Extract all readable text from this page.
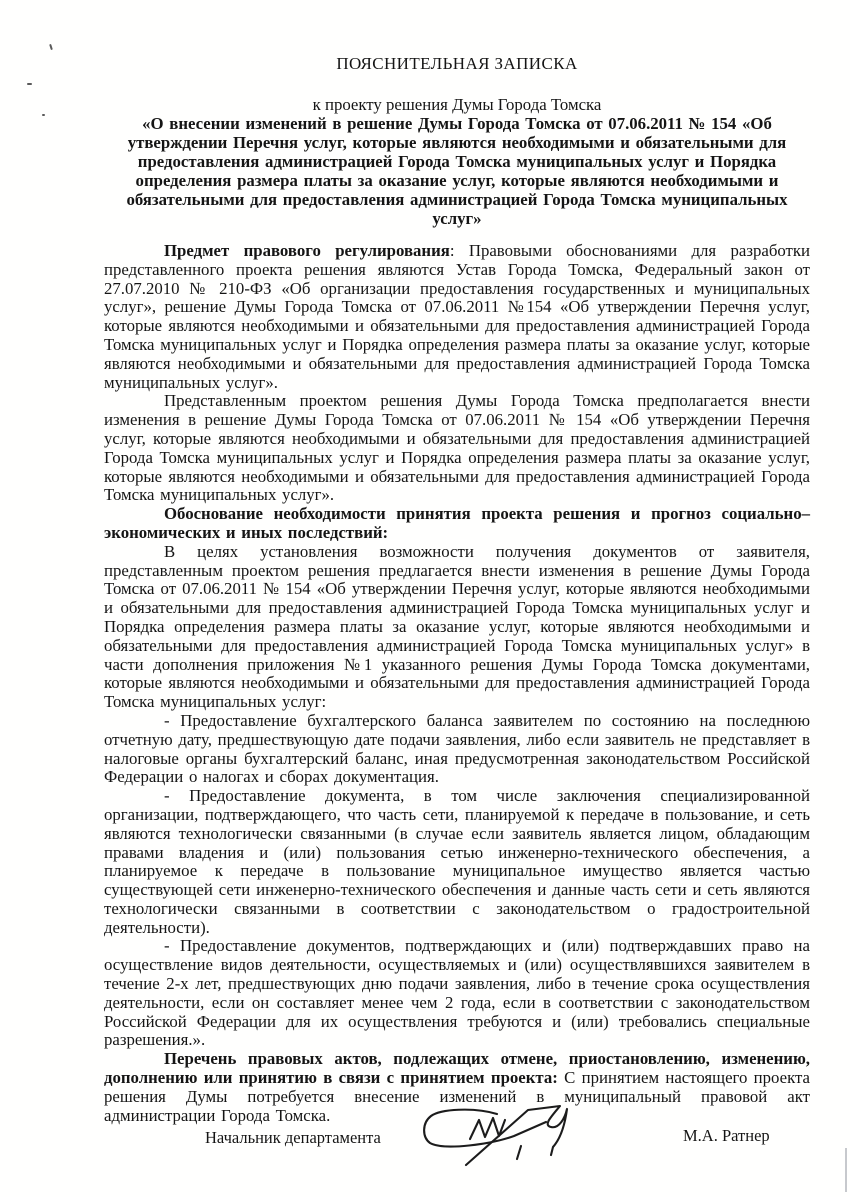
ПОЯСНИТЕЛЬНАЯ ЗАПИСКА

к проекту решения Думы Города Томска

«О внесении изменений в решение Думы Города Томска от 07.06.2011 № 154 «Об утверждении Перечня услуг, которые являются необходимыми и обязательными для предоставления администрацией Города Томска муниципальных услуг и Порядка определения размера платы за оказание услуг, которые являются необходимыми и обязательными для предоставления администрацией Города Томска муниципальных услуг»

Предмет правового регулирования: Правовыми обоснованиями для разработки представленного проекта решения являются Устав Города Томска, Федеральный закон от 27.07.2010 № 210-ФЗ «Об организации предоставления государственных и муниципальных услуг», решение Думы Города Томска от 07.06.2011 №154 «Об утверждении Перечня услуг, которые являются необходимыми и обязательными для предоставления администрацией Города Томска муниципальных услуг и Порядка определения размера платы за оказание услуг, которые являются необходимыми и обязательными для предоставления администрацией Города Томска муниципальных услуг».

Представленным проектом решения Думы Города Томска предполагается внести изменения в решение Думы Города Томска от 07.06.2011 № 154 «Об утверждении Перечня услуг, которые являются необходимыми и обязательными для предоставления администрацией Города Томска муниципальных услуг и Порядка определения размера платы за оказание услуг, которые являются необходимыми и обязательными для предоставления администрацией Города Томска муниципальных услуг».

Обоснование необходимости принятия проекта решения и прогноз социально–экономических и иных последствий:

В целях установления возможности получения документов от заявителя, представленным проектом решения предлагается внести изменения в решение Думы Города Томска от 07.06.2011 № 154 «Об утверждении Перечня услуг, которые являются необходимыми и обязательными для предоставления администрацией Города Томска муниципальных услуг и Порядка определения размера платы за оказание услуг, которые являются необходимыми и обязательными для предоставления администрацией Города Томска муниципальных услуг» в части дополнения приложения №1 указанного решения Думы Города Томска документами, которые являются необходимыми и обязательными для предоставления администрацией Города Томска муниципальных услуг:

- Предоставление бухгалтерского баланса заявителем по состоянию на последнюю отчетную дату, предшествующую дате подачи заявления, либо если заявитель не представляет в налоговые органы бухгалтерский баланс, иная предусмотренная законодательством Российской Федерации о налогах и сборах документация.

- Предоставление документа, в том числе заключения специализированной организации, подтверждающего, что часть сети, планируемой к передаче в пользование, и сеть являются технологически связанными (в случае если заявитель является лицом, обладающим правами владения и (или) пользования сетью инженерно-технического обеспечения, а планируемое к передаче в пользование муниципальное имущество является частью существующей сети инженерно-технического обеспечения и данные часть сети и сеть являются технологически связанными в соответствии с законодательством о градостроительной деятельности).

- Предоставление документов, подтверждающих и (или) подтверждавших право на осуществление видов деятельности, осуществляемых и (или) осуществлявшихся заявителем в течение 2-х лет, предшествующих дню подачи заявления, либо в течение срока осуществления деятельности, если он составляет менее чем 2 года, если в соответствии с законодательством Российской Федерации для их осуществления требуются и (или) требовались специальные разрешения.».

Перечень правовых актов, подлежащих отмене, приостановлению, изменению, дополнению или принятию в связи с принятием проекта: С принятием настоящего проекта решения Думы потребуется внесение изменений в муниципальный правовой акт администрации Города Томска.

Начальник департамента	М.А. Ратнер
